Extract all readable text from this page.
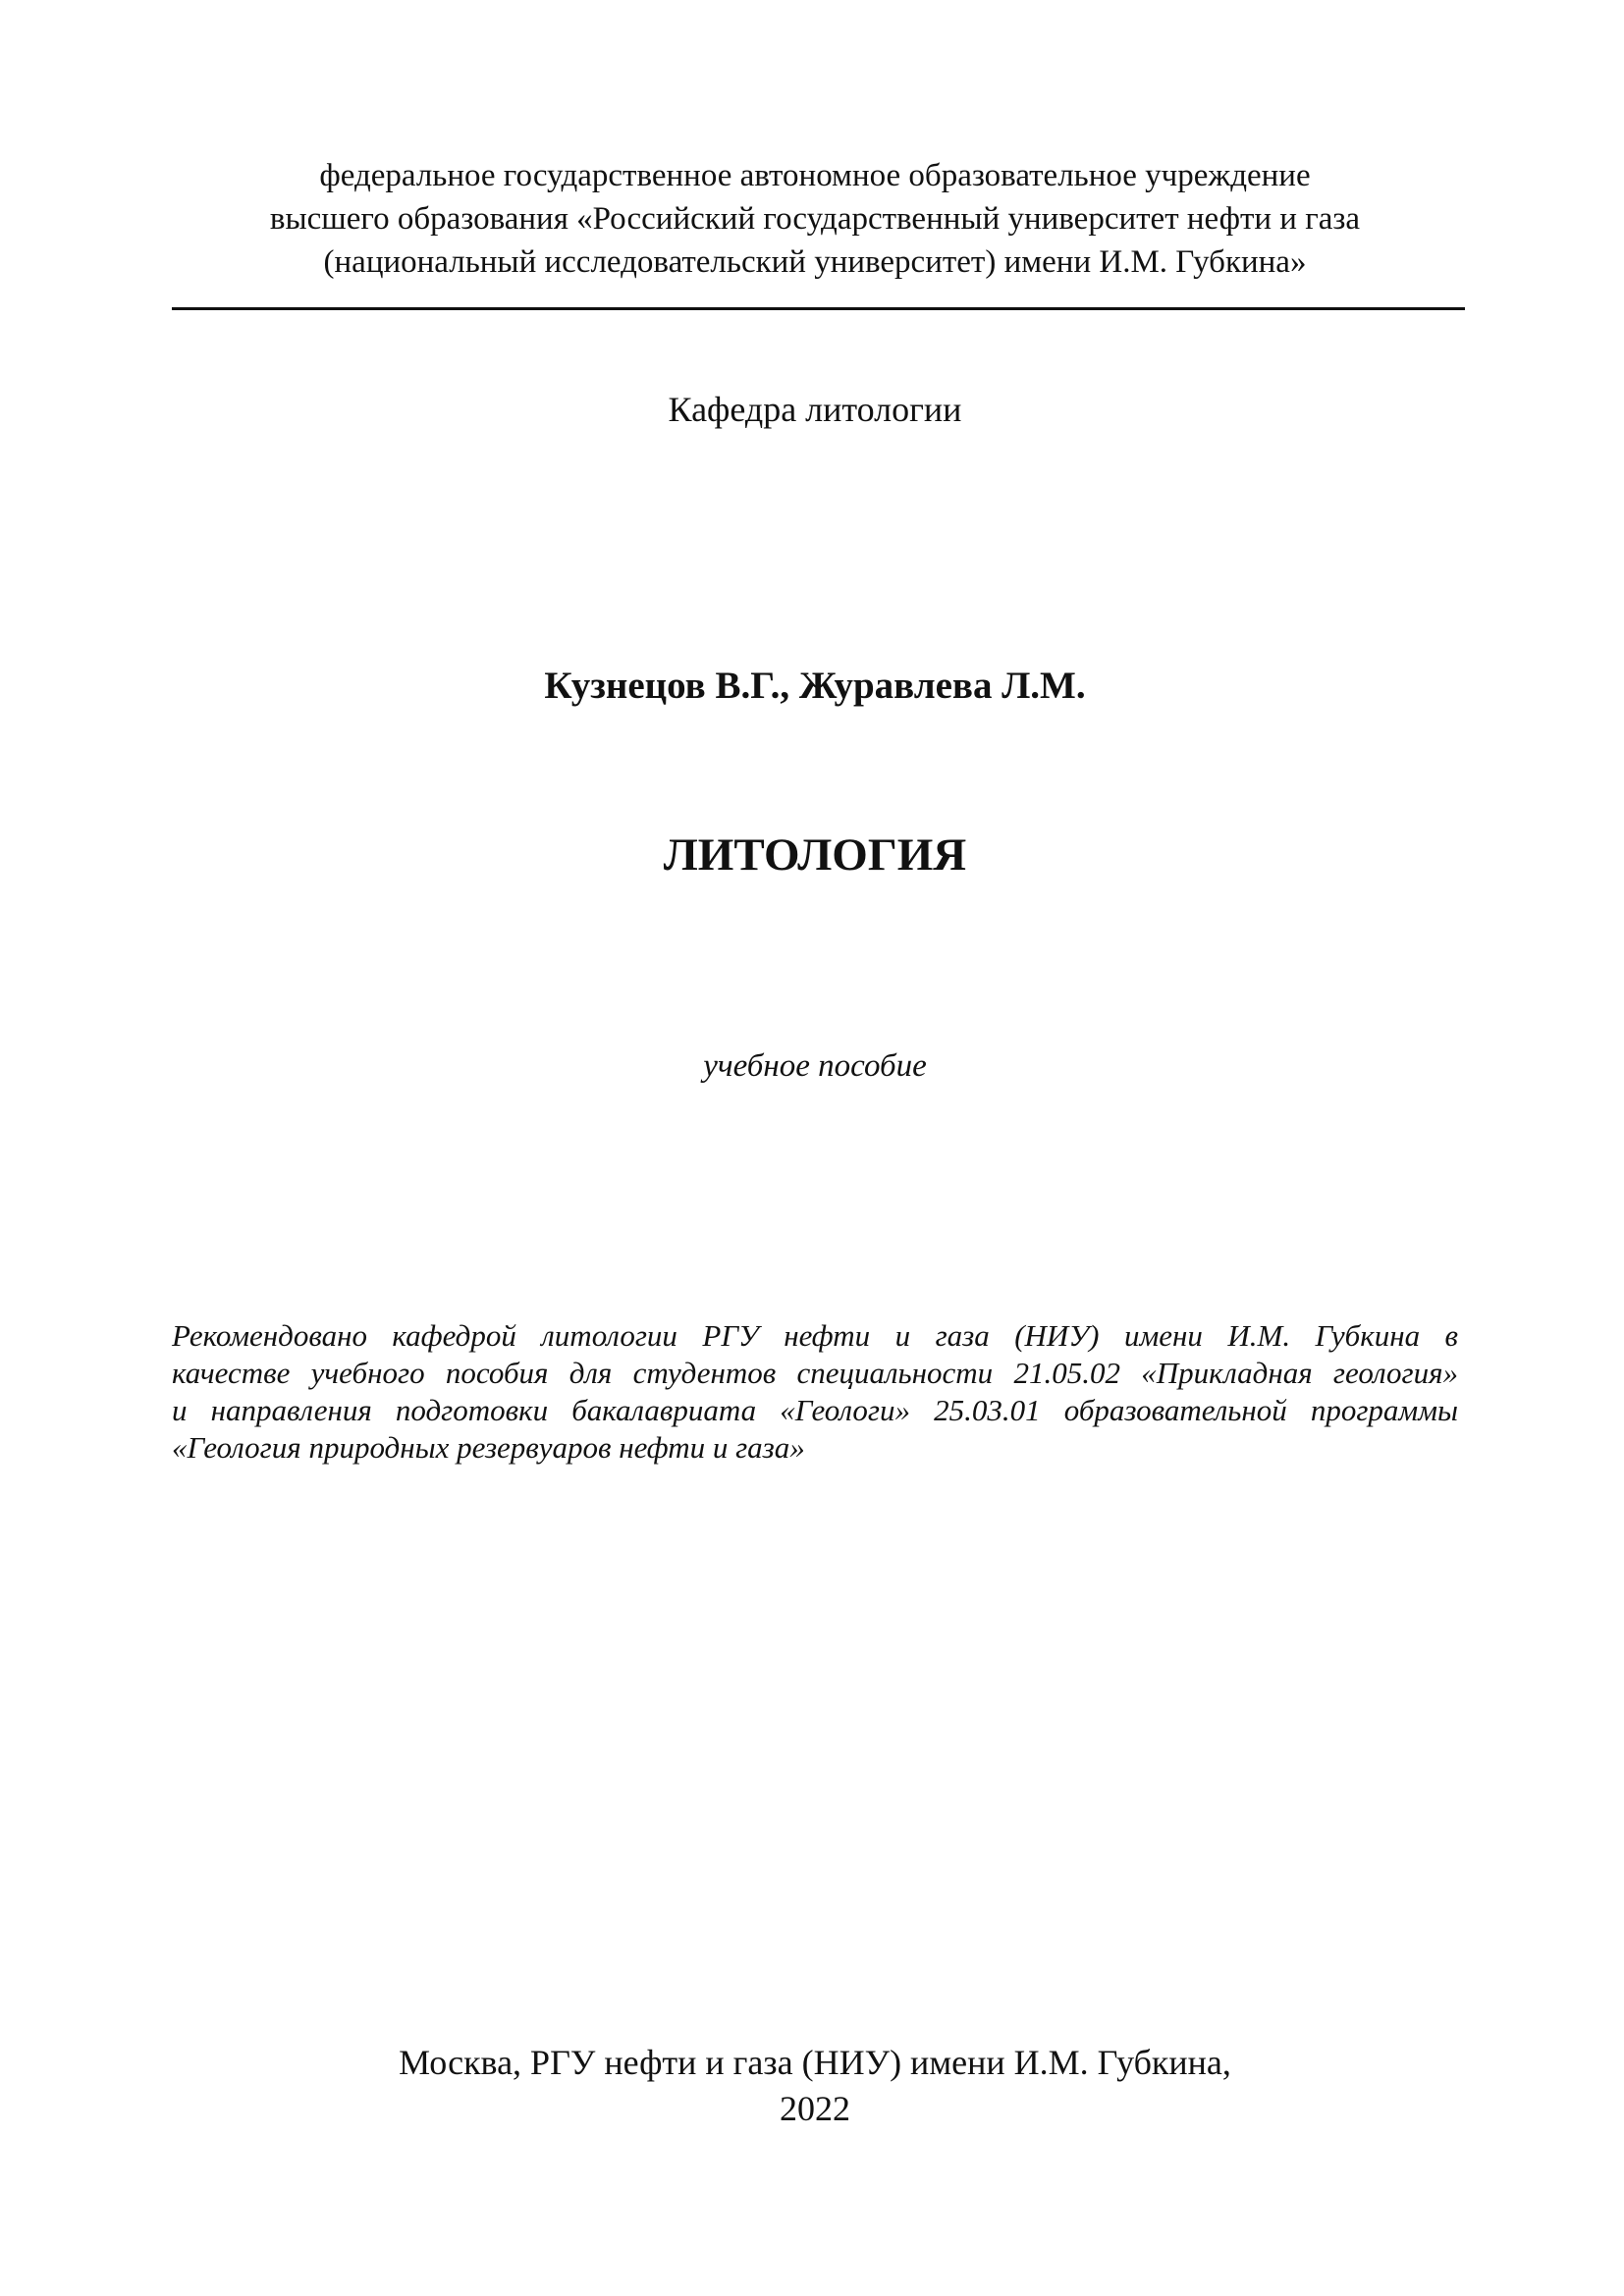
федеральное государственное автономное образовательное учреждение
высшего образования «Российский государственный университет нефти и газа
(национальный исследовательский университет) имени И.М. Губкина»
Кафедра литологии
Кузнецов В.Г., Журавлева Л.М.
ЛИТОЛОГИЯ
учебное пособие
Рекомендовано кафедрой литологии РГУ нефти и газа (НИУ) имени И.М. Губкина в
качестве учебного пособия для студентов специальности 21.05.02 «Прикладная геология»
и направления подготовки бакалавриата «Геологи» 25.03.01 образовательной программы
«Геология природных резервуаров нефти и газа»
Москва, РГУ нефти и газа (НИУ) имени И.М. Губкина,
2022
